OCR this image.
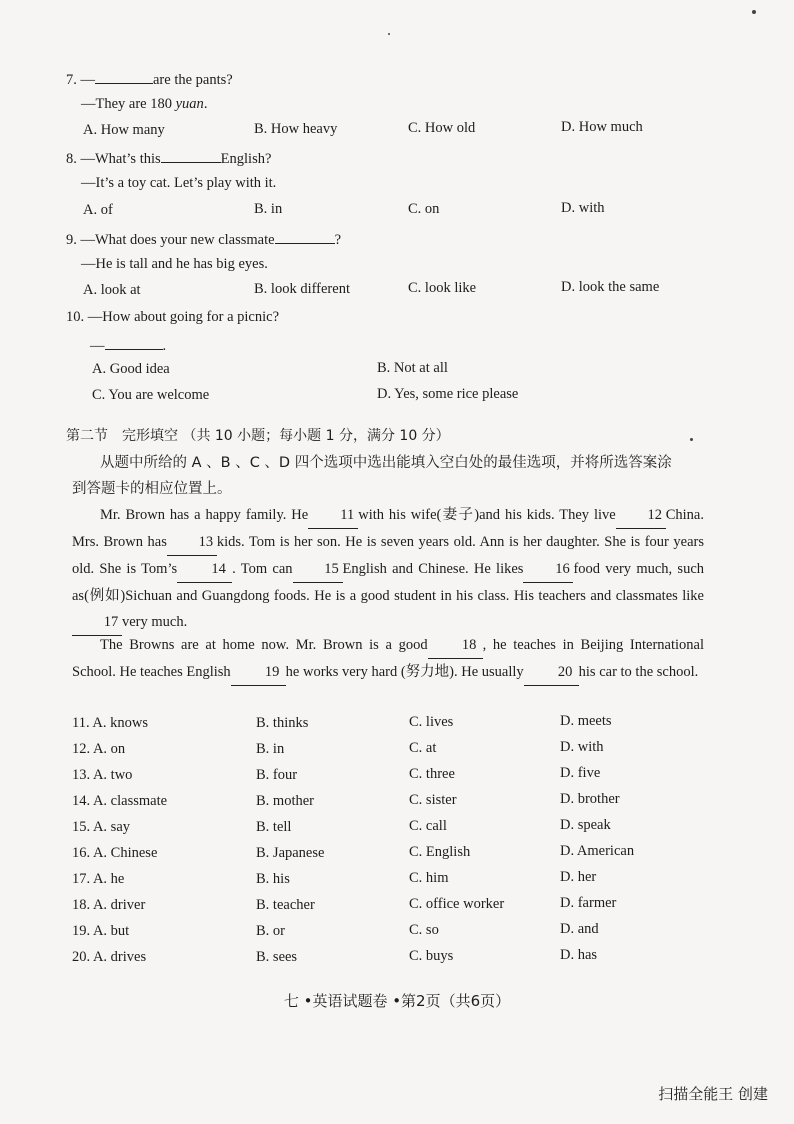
7. —	are the pants?
—They are 180 yuan.
A. How many	B. How heavy	C. How old	D. How much
8. —What’s this	English?
—It’s a toy cat. Let’s play with it.
A. of	B. in	C. on	D. with
9. —What does your new classmate	?
—He is tall and he has big eyes.
A. look at	B. look different	C. look like	D. look the same
10. —How about going for a picnic?
—	.
A. Good idea	B. Not at all
C. You are welcome	D. Yes, some rice please
第二节　完形填空 （共 10 小题；每小题 1 分，满分 10 分）
从题中所给的 A 、B 、C 、D 四个选项中选出能填入空白处的最佳选项，并将所选答案涂
到答题卡的相应位置上。
Mr. Brown has a happy family. He 11 with his wife(妻子)and his kids. They live 12 China. Mrs. Brown has 13 kids. Tom is her son. He is seven years old. Ann is her daughter. She is four years old. She is Tom’s 14 . Tom can 15 English and Chinese. He likes 16 food very much, such as(例如)Sichuan and Guangdong foods. He is a good student in his class. His teachers and classmates like17 very much.
The Browns are at home now. Mr. Brown is a good 18 , he teaches in Beijing International School. He teaches English 19 he works very hard (努力地). He usually 20 his car to the school.
11. A. knows	B. thinks	C. lives	D. meets
12. A. on	B. in	C. at	D. with
13. A. two	B. four	C. three	D. five
14. A. classmate	B. mother	C. sister	D. brother
15. A. say	B. tell	C. call	D. speak
16. A. Chinese	B. Japanese	C. English	D. American
17. A. he	B. his	C. him	D. her
18. A. driver	B. teacher	C. office worker	D. farmer
19. A. but	B. or	C. so	D. and
20. A. drives	B. sees	C. buys	D. has
七 •英语试题卷 •第2页（共6页）
扫描全能王 创建
